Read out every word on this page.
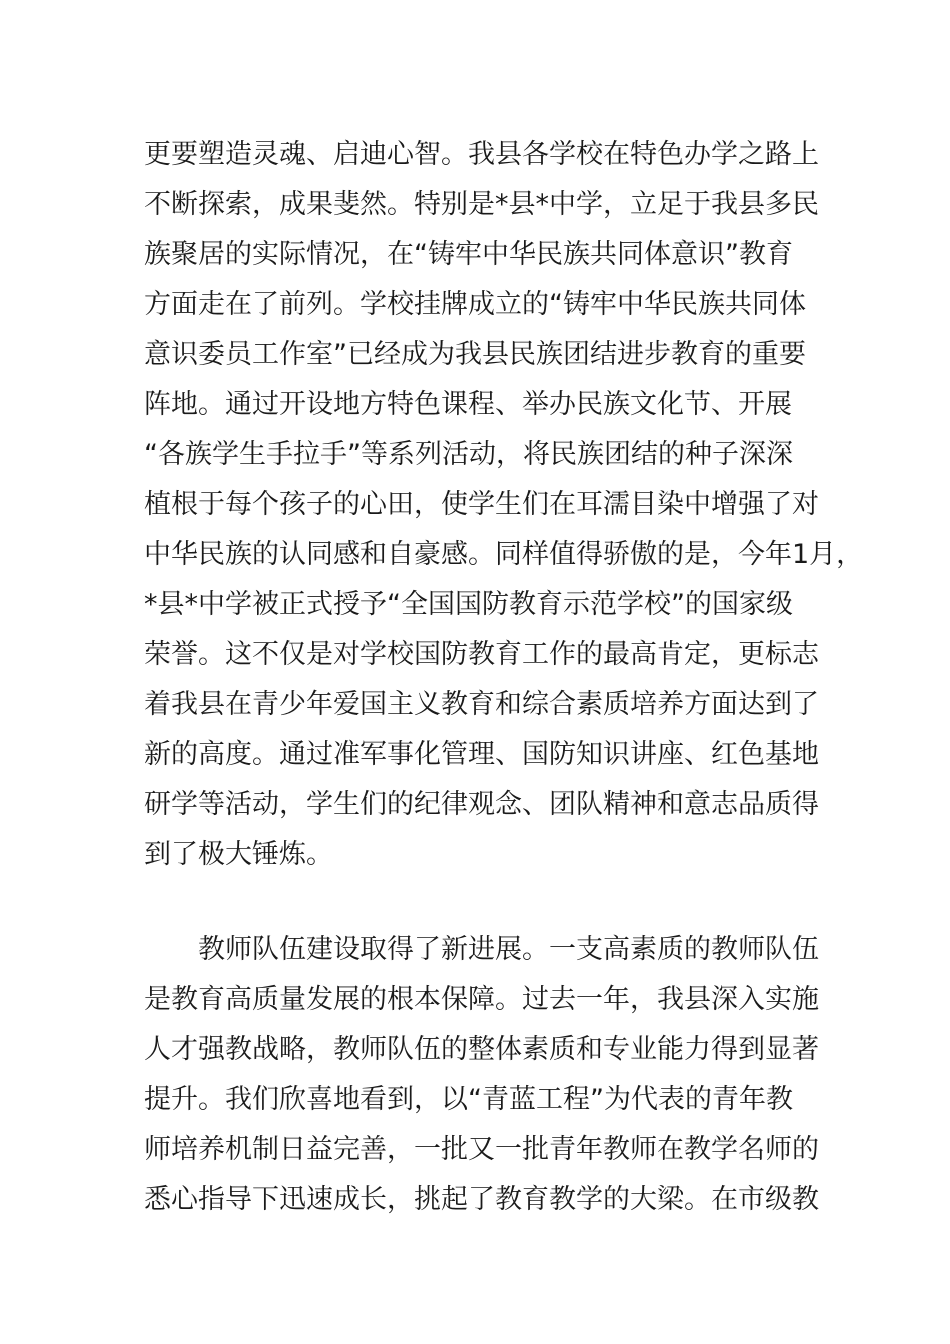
更要塑造灵魂、启迪心智。我县各学校在特色办学之路上
不断探索，成果斐然。特别是*县*中学，立足于我县多民
族聚居的实际情况，在“铸牢中华民族共同体意识”教育
方面走在了前列。学校挂牌成立的“铸牢中华民族共同体
意识委员工作室”已经成为我县民族团结进步教育的重要
阵地。通过开设地方特色课程、举办民族文化节、开展
“各族学生手拉手”等系列活动，将民族团结的种子深深
植根于每个孩子的心田，使学生们在耳濡目染中增强了对
中华民族的认同感和自豪感。同样值得骄傲的是，今年1月，
*县*中学被正式授予“全国国防教育示范学校”的国家级
荣誉。这不仅是对学校国防教育工作的最高肯定，更标志
着我县在青少年爱国主义教育和综合素质培养方面达到了
新的高度。通过准军事化管理、国防知识讲座、红色基地
研学等活动，学生们的纪律观念、团队精神和意志品质得
到了极大锤炼。
教师队伍建设取得了新进展。一支高素质的教师队伍
是教育高质量发展的根本保障。过去一年，我县深入实施
人才强教战略，教师队伍的整体素质和专业能力得到显著
提升。我们欣喜地看到，以“青蓝工程”为代表的青年教
师培养机制日益完善，一批又一批青年教师在教学名师的
悉心指导下迅速成长，挑起了教育教学的大梁。在市级教
